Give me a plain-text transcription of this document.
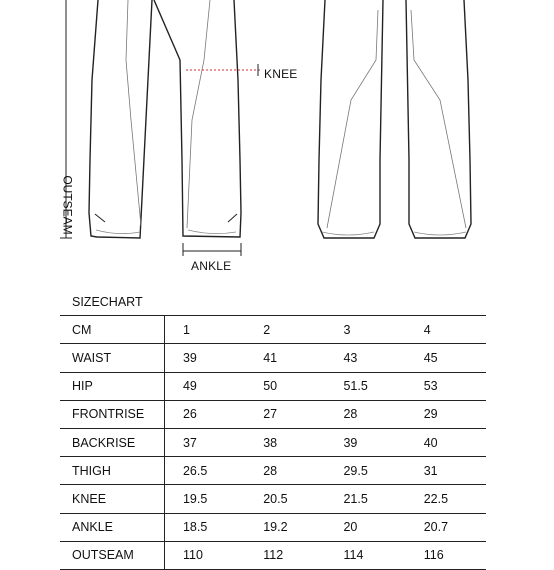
KNEE
ANKLE
OUTSEAM
SIZECHART				
CM	1	2	3	4
WAIST	39	41	43	45
HIP	49	50	51.5	53
FRONTRISE	26	27	28	29
BACKRISE	37	38	39	40
THIGH	26.5	28	29.5	31
KNEE	19.5	20.5	21.5	22.5
ANKLE	18.5	19.2	20	20.7
OUTSEAM	110	112	114	116
